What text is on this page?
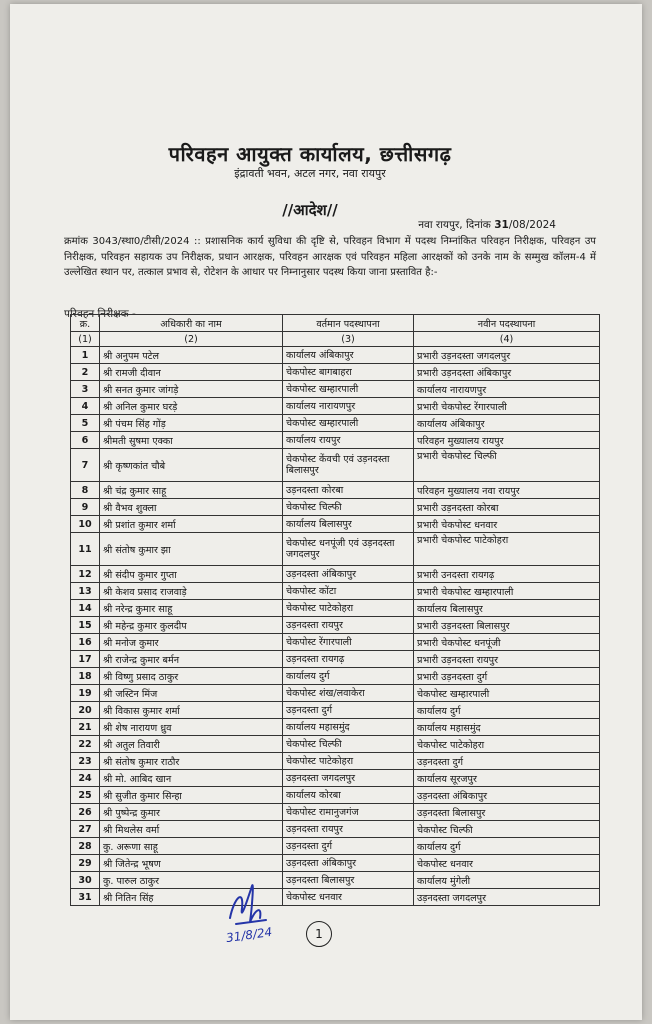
परिवहन आयुक्त कार्यालय, छत्तीसगढ़
इंद्रावती भवन, अटल नगर, नवा रायपुर
//आदेश//
नवा रायपुर, दिनांक 31/08/2024
क्रमांक 3043/स्था0/टीसी/2024 :: प्रशासनिक कार्य सुविधा की दृष्टि से, परिवहन विभाग में पदस्थ निम्नांकित परिवहन निरीक्षक, परिवहन उप निरीक्षक, परिवहन सहायक उप निरीक्षक, प्रधान आरक्षक, परिवहन आरक्षक एवं परिवहन महिला आरक्षकों को उनके नाम के सम्मुख कॉलम-4 में उल्लेखित स्थान पर, तत्काल प्रभाव से, रोटेशन के आधार पर निम्नानुसार पदस्थ किया जाना प्रस्तावित है:-
परिवहन निरीक्षक -
क्र.	अधिकारी का नाम	वर्तमान पदस्थापना	नवीन पदस्थापना
(1)	(2)	(3)	(4)
1	श्री अनुपम पटेल	कार्यालय अंबिकापुर	प्रभारी उड़नदस्ता जगदलपुर
2	श्री रामजी दीवान	चेकपोस्ट बागबाहरा	प्रभारी उड़नदस्ता अंबिकापुर
3	श्री सनत कुमार जांगड़े	चेकपोस्ट खम्हारपाली	कार्यालय नारायणपुर
4	श्री अनिल कुमार घरड़े	कार्यालय नारायणपुर	प्रभारी चेकपोस्ट रेंगारपाली
5	श्री पंचम सिंह गोंड़	चेकपोस्ट खम्हारपाली	कार्यालय अंबिकापुर
6	श्रीमती सुषमा एक्का	कार्यालय रायपुर	परिवहन मुख्यालय रायपुर
7	श्री कृष्णकांत चौबे	चेकपोस्ट केंवची एवं उड़नदस्ता बिलासपुर	प्रभारी चेकपोस्ट चिल्फी
8	श्री चंद्र कुमार साहू	उड़नदस्ता कोरबा	परिवहन मुख्यालय नवा रायपुर
9	श्री वैभव शुक्ला	चेकपोस्ट चिल्फी	प्रभारी उड़नदस्ता कोरबा
10	श्री प्रशांत कुमार शर्मा	कार्यालय बिलासपुर	प्रभारी चेकपोस्ट धनवार
11	श्री संतोष कुमार झा	चेकपोस्ट धनपूंजी एवं उड़नदस्ता जगदलपुर	प्रभारी चेकपोस्ट पाटेकोहरा
12	श्री संदीप कुमार गुप्ता	उड़नदस्ता अंबिकापुर	प्रभारी उनदस्ता रायगढ़
13	श्री केशव प्रसाद राजवाड़े	चेकपोस्ट कोंटा	प्रभारी चेकपोस्ट खम्हारपाली
14	श्री नरेन्द्र कुमार साहू	चेकपोस्ट पाटेकोहरा	कार्यालय बिलासपुर
15	श्री महेन्द्र कुमार कुलदीप	उड़नदस्ता रायपुर	प्रभारी उड़नदस्ता बिलासपुर
16	श्री मनोज कुमार	चेकपोस्ट रेंगारपाली	प्रभारी चेकपोस्ट धनपूंजी
17	श्री राजेन्द्र कुमार बर्मन	उड़नदस्ता रायगढ़	प्रभारी उड़नदस्ता रायपुर
18	श्री विष्णु प्रसाद ठाकुर	कार्यालय दुर्ग	प्रभारी उड़नदस्ता दुर्ग
19	श्री जस्टिन मिंज	चेकपोस्ट शंख/लवाकेरा	चेकपोस्ट खम्हारपाली
20	श्री विकास कुमार शर्मा	उड़नदस्ता दुर्ग	कार्यालय दुर्ग
21	श्री शेष नारायण ध्रुव	कार्यालय महासमुंद	कार्यालय महासमुंद
22	श्री अतुल तिवारी	चेकपोस्ट चिल्फी	चेकपोस्ट पाटेकोहरा
23	श्री संतोष कुमार राठौर	चेकपोस्ट पाटेकोहरा	उड़नदस्ता दुर्ग
24	श्री मो. आबिद खान	उड़नदस्ता जगदलपुर	कार्यालय सूरजपुर
25	श्री सुजीत कुमार सिन्हा	कार्यालय कोरबा	उड़नदस्ता अंबिकापुर
26	श्री पुष्पेन्द्र कुमार	चेकपोस्ट रामानुजगंज	उड़नदस्ता बिलासपुर
27	श्री मिथलेस वर्मा	उड़नदस्ता रायपुर	चेकपोस्ट चिल्फी
28	कु. अरूणा साहू	उड़नदस्ता दुर्ग	कार्यालय दुर्ग
29	श्री जितेन्द्र भूषण	उड़नदस्ता अंबिकापुर	चेकपोस्ट धनवार
30	कु. पारुल ठाकुर	उड़नदस्ता बिलासपुर	कार्यालय मुंगेली
31	श्री नितिन सिंह	चेकपोस्ट धनवार	उड़नदस्ता जगदलपुर
31/8/24	1
